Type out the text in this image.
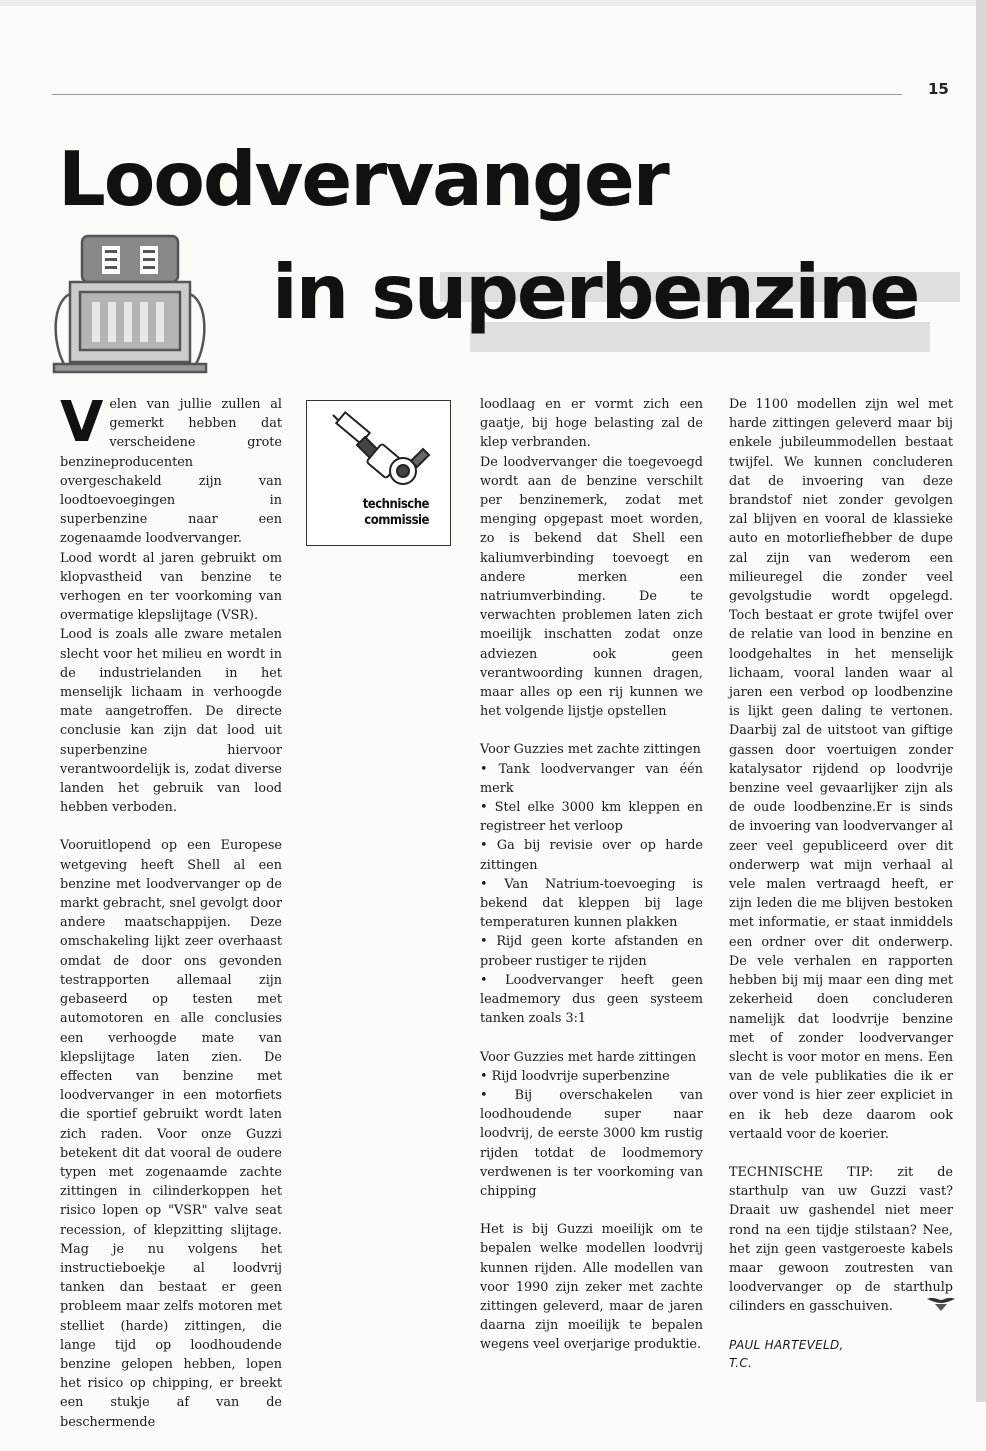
15
Loodvervanger
in superbenzine

Velen van jullie zullen al gemerkt hebben dat verscheidene grote benzineproducenten overgeschakeld zijn van loodtoevoegingen in superbenzine naar een zogenaamde loodvervanger.
Lood wordt al jaren gebruikt om klopvastheid van benzine te verhogen en ter voorkoming van overmatige klepslijtage (VSR).
Lood is zoals alle zware metalen slecht voor het milieu en wordt in de industrielanden in het menselijk lichaam in verhoogde mate aangetroffen. De directe conclusie kan zijn dat lood uit superbenzine hiervoor verantwoordelijk is, zodat diverse landen het gebruik van lood hebben verboden.

Vooruitlopend op een Europese wetgeving heeft Shell al een benzine met loodvervanger op de markt gebracht, snel gevolgt door andere maatschappijen. Deze omschakeling lijkt zeer overhaast omdat de door ons gevonden testrapporten allemaal zijn gebaseerd op testen met automotoren en alle conclusies een verhoogde mate van klepslijtage laten zien. De effecten van benzine met loodvervanger in een motorfiets die sportief gebruikt wordt laten zich raden. Voor onze Guzzi betekent dit dat vooral de oudere typen met zogenaamde zachte zittingen in cilinderkoppen het risico lopen op "VSR" valve seat recession, of klepzitting slijtage. Mag je nu volgens het instructieboekje al loodvrij tanken dan bestaat er geen probleem maar zelfs motoren met stelliet (harde) zittingen, die lange tijd op loodhoudende benzine gelopen hebben, lopen het risico op chipping, er breekt een stukje af van de beschermende

technische
commissie

loodlaag en er vormt zich een gaatje, bij hoge belasting zal de klep verbranden.
De loodvervanger die toegevoegd wordt aan de benzine verschilt per benzinemerk, zodat met menging opgepast moet worden, zo is bekend dat Shell een kaliumverbinding toevoegt en andere merken een natriumverbinding. De te verwachten problemen laten zich moeilijk inschatten zodat onze adviezen ook geen verantwoording kunnen dragen, maar alles op een rij kunnen we het volgende lijstje opstellen

Voor Guzzies met zachte zittingen
• Tank loodvervanger van één merk
• Stel elke 3000 km kleppen en registreer het verloop
• Ga bij revisie over op harde zittingen
• Van Natrium-toevoeging is bekend dat kleppen bij lage temperaturen kunnen plakken
• Rijd geen korte afstanden en probeer rustiger te rijden
• Loodvervanger heeft geen leadmemory dus geen systeem tanken zoals 3:1

Voor Guzzies met harde zittingen
• Rijd loodvrije superbenzine
• Bij overschakelen van loodhoudende super naar loodvrij, de eerste 3000 km rustig rijden totdat de loodmemory verdwenen is ter voorkoming van chipping

Het is bij Guzzi moeilijk om te bepalen welke modellen loodvrij kunnen rijden. Alle modellen van voor 1990 zijn zeker met zachte zittingen geleverd, maar de jaren daarna zijn moeilijk te bepalen wegens veel overjarige produktie.

De 1100 modellen zijn wel met harde zittingen geleverd maar bij enkele jubileummodellen bestaat twijfel. We kunnen concluderen dat de invoering van deze brandstof niet zonder gevolgen zal blijven en vooral de klassieke auto en motorliefhebber de dupe zal zijn van wederom een milieuregel die zonder veel gevolgstudie wordt opgelegd. Toch bestaat er grote twijfel over de relatie van lood in benzine en loodgehaltes in het menselijk lichaam, vooral landen waar al jaren een verbod op loodbenzine is lijkt geen daling te vertonen. Daarbij zal de uitstoot van giftige gassen door voertuigen zonder katalysator rijdend op loodvrije benzine veel gevaarlijker zijn als de oude loodbenzine.Er is sinds de invoering van loodvervanger al zeer veel gepubliceerd over dit onderwerp wat mijn verhaal al vele malen vertraagd heeft, er zijn leden die me blijven bestoken met informatie, er staat inmiddels een ordner over dit onderwerp. De vele verhalen en rapporten hebben bij mij maar een ding met zekerheid doen concluderen namelijk dat loodvrije benzine met of zonder loodvervanger slecht is voor motor en mens. Een van de vele publikaties die ik er over vond is hier zeer expliciet in en ik heb deze daarom ook vertaald voor de koerier.

TECHNISCHE TIP: zit de starthulp van uw Guzzi vast? Draait uw gashendel niet meer rond na een tijdje stilstaan? Nee, het zijn geen vastgeroeste kabels maar gewoon zoutresten van loodvervanger op de starthulp cilinders en gasschuiven.

PAUL HARTEVELD,
T.C.
